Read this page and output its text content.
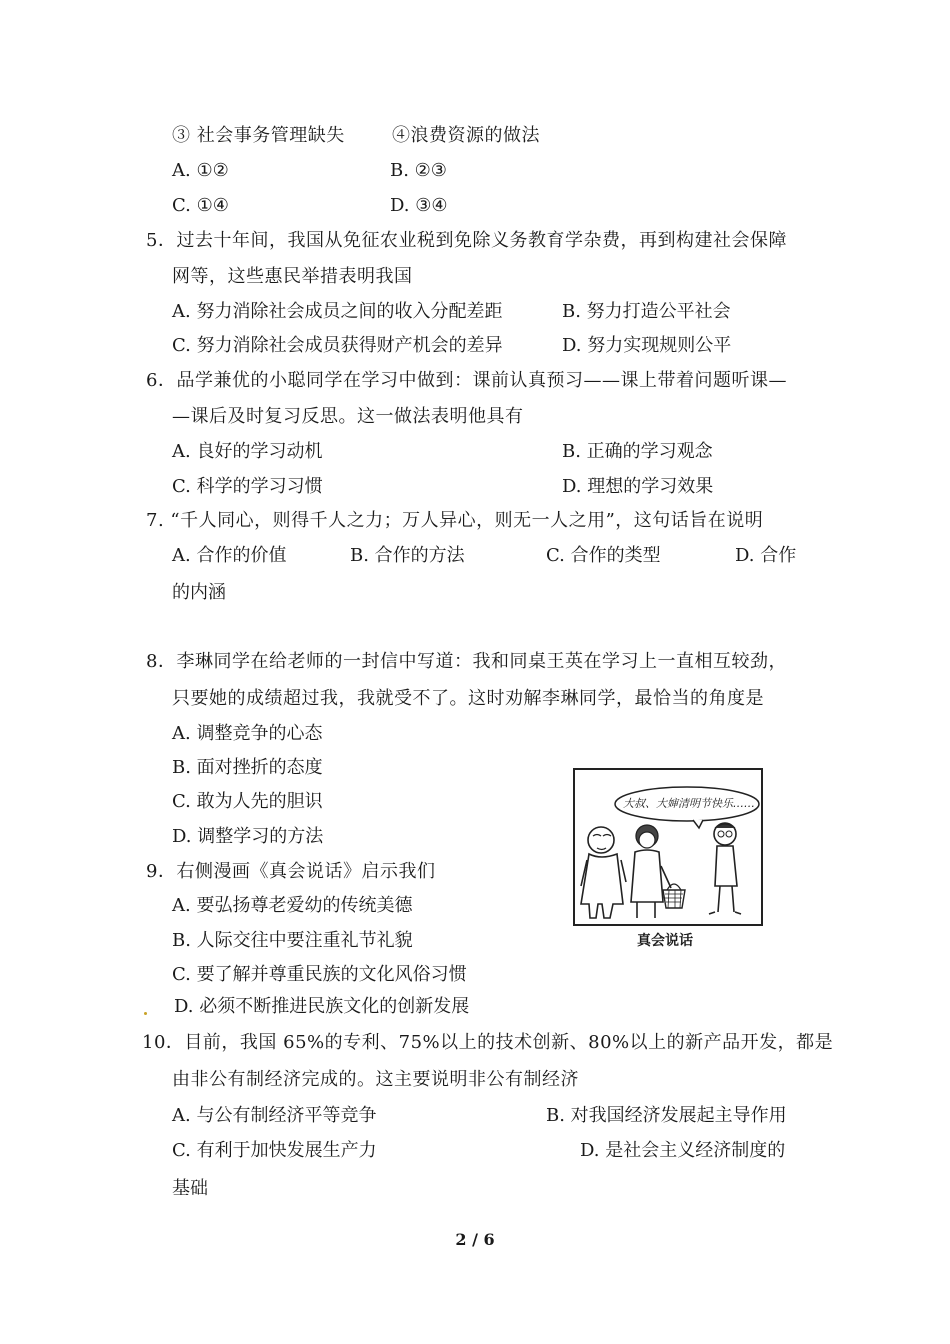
③ 社会事务管理缺失	④浪费资源的做法
A. ①②	B. ②③
C. ①④	D. ③④
5．过去十年间，我国从免征农业税到免除义务教育学杂费，再到构建社会保障
网等，这些惠民举措表明我国
A. 努力消除社会成员之间的收入分配差距	B. 努力打造公平社会
C. 努力消除社会成员获得财产机会的差异	D. 努力实现规则公平
6．品学兼优的小聪同学在学习中做到：课前认真预习——课上带着问题听课—
—课后及时复习反思。这一做法表明他具有
A. 良好的学习动机	B. 正确的学习观念
C. 科学的学习习惯	D. 理想的学习效果
7. “千人同心，则得千人之力；万人异心，则无一人之用”，这句话旨在说明
A. 合作的价值	B. 合作的方法	C. 合作的类型	D. 合作
的内涵
8．李琳同学在给老师的一封信中写道：我和同桌王英在学习上一直相互较劲，
只要她的成绩超过我，我就受不了。这时劝解李琳同学，最恰当的角度是
A. 调整竞争的心态
B. 面对挫折的态度
C. 敢为人先的胆识
D. 调整学习的方法
9．右侧漫画《真会说话》启示我们
A. 要弘扬尊老爱幼的传统美德
B. 人际交往中要注重礼节礼貌
C. 要了解并尊重民族的文化风俗习惯
D. 必须不断推进民族文化的创新发展
大叔、大婶清明节快乐……
真会说话
10．目前，我国 65%的专利、75%以上的技术创新、80%以上的新产品开发，都是
由非公有制经济完成的。这主要说明非公有制经济
A. 与公有制经济平等竞争	B. 对我国经济发展起主导作用
C. 有利于加快发展生产力	D. 是社会主义经济制度的
基础
2 / 6
